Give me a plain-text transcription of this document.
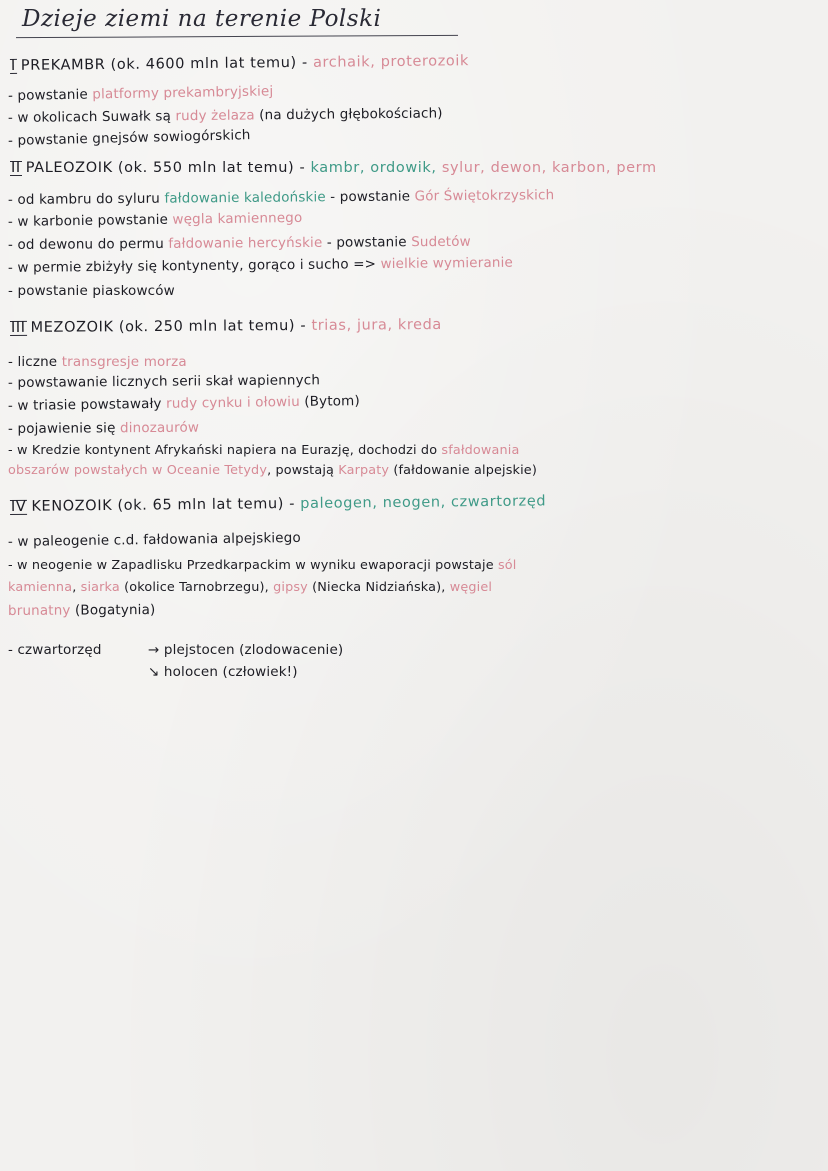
Dzieje ziemi na terenie Polski
I PREKAMBR (ok. 4600 mln lat temu) - archaik, proterozoik
- powstanie platformy prekambryjskiej
- w okolicach Suwałk są rudy żelaza (na dużych głębokościach)
- powstanie gnejsów sowiogórskich
II PALEOZOIK (ok. 550 mln lat temu) - kambr, ordowik, sylur, dewon, karbon, perm
- od kambru do syluru fałdowanie kaledońskie - powstanie Gór Świętokrzyskich
- w karbonie powstanie węgla kamiennego
- od dewonu do permu fałdowanie hercyńskie - powstanie Sudetów
- w permie zbiżyły się kontynenty, gorąco i sucho => wielkie wymieranie
- powstanie piaskowców
III MEZOZOIK (ok. 250 mln lat temu) - trias, jura, kreda
- liczne transgresje morza
- powstawanie licznych serii skał wapiennych
- w triasie powstawały rudy cynku i ołowiu (Bytom)
- pojawienie się dinozaurów
- w Kredzie kontynent Afrykański napiera na Eurazję, dochodzi do sfałdowania
obszarów powstałych w Oceanie Tetydy, powstają Karpaty (fałdowanie alpejskie)
IV KENOZOIK (ok. 65 mln lat temu) - paleogen, neogen, czwartorzęd
- w paleogenie c.d. fałdowania alpejskiego
- w neogenie w Zapadlisku Przedkarpackim w wyniku ewaporacji powstaje sól
kamienna, siarka (okolice Tarnobrzegu), gipsy (Niecka Nidziańska), węgiel
brunatny (Bogatynia)
- czwartorzęd	→ plejstocen (zlodowacenie)
↘ holocen (człowiek!)
